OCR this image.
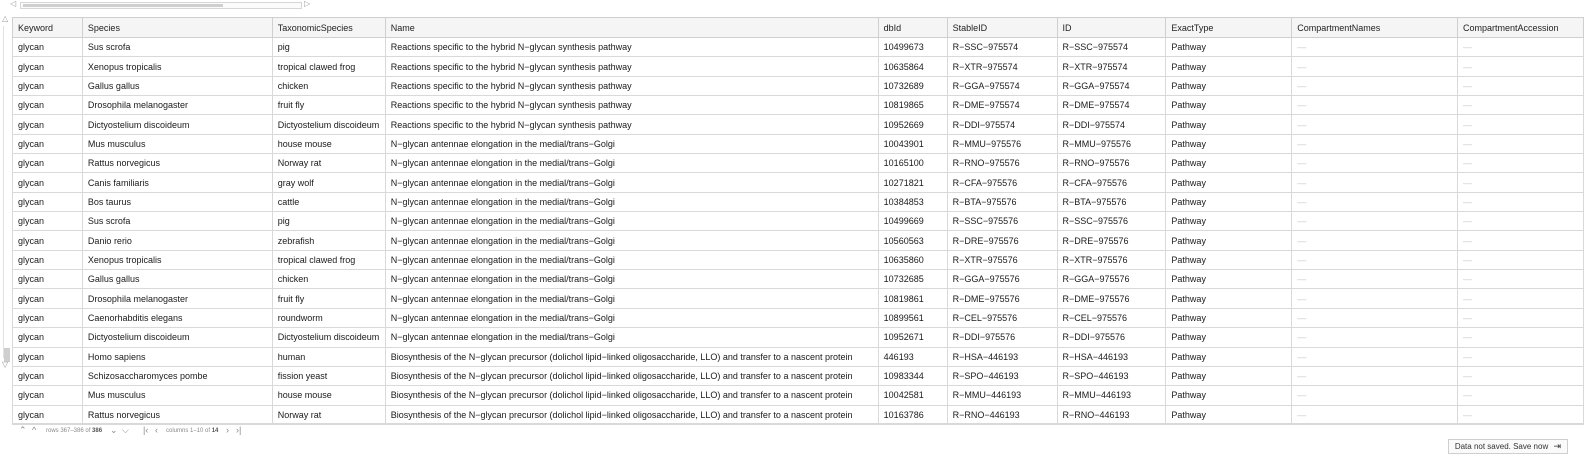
◁	▷
△
▽
Keyword	Species	TaxonomicSpecies	Name	dbId	StableID	ID	ExactType	CompartmentNames	CompartmentAccession
glycan	Sus scrofa	pig	Reactions specific to the hybrid N−glycan synthesis pathway	10499673	R−SSC−975574	R−SSC−975574	Pathway	—	—
glycan	Xenopus tropicalis	tropical clawed frog	Reactions specific to the hybrid N−glycan synthesis pathway	10635864	R−XTR−975574	R−XTR−975574	Pathway	—	—
glycan	Gallus gallus	chicken	Reactions specific to the hybrid N−glycan synthesis pathway	10732689	R−GGA−975574	R−GGA−975574	Pathway	—	—
glycan	Drosophila melanogaster	fruit fly	Reactions specific to the hybrid N−glycan synthesis pathway	10819865	R−DME−975574	R−DME−975574	Pathway	—	—
glycan	Dictyostelium discoideum	Dictyostelium discoideum	Reactions specific to the hybrid N−glycan synthesis pathway	10952669	R−DDI−975574	R−DDI−975574	Pathway	—	—
glycan	Mus musculus	house mouse	N−glycan antennae elongation in the medial/trans−Golgi	10043901	R−MMU−975576	R−MMU−975576	Pathway	—	—
glycan	Rattus norvegicus	Norway rat	N−glycan antennae elongation in the medial/trans−Golgi	10165100	R−RNO−975576	R−RNO−975576	Pathway	—	—
glycan	Canis familiaris	gray wolf	N−glycan antennae elongation in the medial/trans−Golgi	10271821	R−CFA−975576	R−CFA−975576	Pathway	—	—
glycan	Bos taurus	cattle	N−glycan antennae elongation in the medial/trans−Golgi	10384853	R−BTA−975576	R−BTA−975576	Pathway	—	—
glycan	Sus scrofa	pig	N−glycan antennae elongation in the medial/trans−Golgi	10499669	R−SSC−975576	R−SSC−975576	Pathway	—	—
glycan	Danio rerio	zebrafish	N−glycan antennae elongation in the medial/trans−Golgi	10560563	R−DRE−975576	R−DRE−975576	Pathway	—	—
glycan	Xenopus tropicalis	tropical clawed frog	N−glycan antennae elongation in the medial/trans−Golgi	10635860	R−XTR−975576	R−XTR−975576	Pathway	—	—
glycan	Gallus gallus	chicken	N−glycan antennae elongation in the medial/trans−Golgi	10732685	R−GGA−975576	R−GGA−975576	Pathway	—	—
glycan	Drosophila melanogaster	fruit fly	N−glycan antennae elongation in the medial/trans−Golgi	10819861	R−DME−975576	R−DME−975576	Pathway	—	—
glycan	Caenorhabditis elegans	roundworm	N−glycan antennae elongation in the medial/trans−Golgi	10899561	R−CEL−975576	R−CEL−975576	Pathway	—	—
glycan	Dictyostelium discoideum	Dictyostelium discoideum	N−glycan antennae elongation in the medial/trans−Golgi	10952671	R−DDI−975576	R−DDI−975576	Pathway	—	—
glycan	Homo sapiens	human	Biosynthesis of the N−glycan precursor (dolichol lipid−linked oligosaccharide, LLO) and transfer to a nascent protein	446193	R−HSA−446193	R−HSA−446193	Pathway	—	—
glycan	Schizosaccharomyces pombe	fission yeast	Biosynthesis of the N−glycan precursor (dolichol lipid−linked oligosaccharide, LLO) and transfer to a nascent protein	10983344	R−SPO−446193	R−SPO−446193	Pathway	—	—
glycan	Mus musculus	house mouse	Biosynthesis of the N−glycan precursor (dolichol lipid−linked oligosaccharide, LLO) and transfer to a nascent protein	10042581	R−MMU−446193	R−MMU−446193	Pathway	—	—
glycan	Rattus norvegicus	Norway rat	Biosynthesis of the N−glycan precursor (dolichol lipid−linked oligosaccharide, LLO) and transfer to a nascent protein	10163786	R−RNO−446193	R−RNO−446193	Pathway	—	—
⌃ ^ rows 367–386 of 386 ⌄ ⌵ |‹ ‹ columns 1–10 of 14 › ›|
Data not saved. Save now ⇥
